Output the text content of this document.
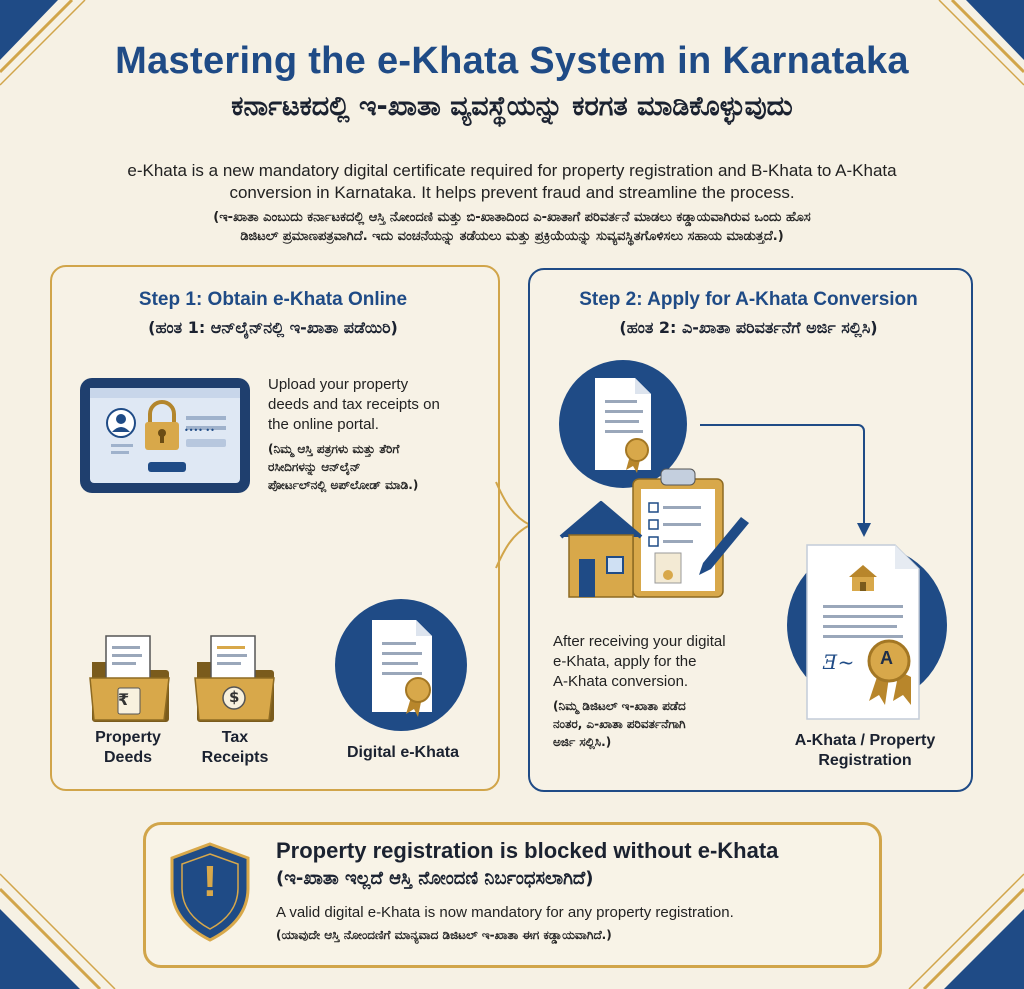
Mastering the e-Khata System in Karnataka
ಕರ್ನಾಟಕದಲ್ಲಿ ಇ-ಖಾತಾ ವ್ಯವಸ್ಥೆಯನ್ನು ಕರಗತ ಮಾಡಿಕೊಳ್ಳುವುದು
e-Khata is a new mandatory digital certificate required for property registration and B-Khata to A-Khata
conversion in Karnataka. It helps prevent fraud and streamline the process.
(ಇ-ಖಾತಾ ಎಂಬುದು ಕರ್ನಾಟಕದಲ್ಲಿ ಆಸ್ತಿ ನೋಂದಣಿ ಮತ್ತು ಬಿ-ಖಾತಾದಿಂದ ಎ-ಖಾತಾಗೆ ಪರಿವರ್ತನೆ ಮಾಡಲು ಕಡ್ಡಾಯವಾಗಿರುವ ಒಂದು ಹೊಸ
ಡಿಜಿಟಲ್ ಪ್ರಮಾಣಪತ್ರವಾಗಿದೆ. ಇದು ವಂಚನೆಯನ್ನು ತಡೆಯಲು ಮತ್ತು ಪ್ರಕ್ರಿಯೆಯನ್ನು ಸುವ್ಯವಸ್ಥಿತಗೊಳಿಸಲು ಸಹಾಯ ಮಾಡುತ್ತದೆ.)
Step 1: Obtain e-Khata Online
(ಹಂತ 1: ಆನ್‌ಲೈನ್‌ನಲ್ಲಿ ಇ-ಖಾತಾ ಪಡೆಯಿರಿ)
•••• ••
Upload your property
deeds and tax receipts on
the online portal.
(ನಿಮ್ಮ ಆಸ್ತಿ ಪತ್ರಗಳು ಮತ್ತು ತೆರಿಗೆ
ರಸೀದಿಗಳನ್ನು ಆನ್‌ಲೈನ್
ಪೋರ್ಟಲ್‌ನಲ್ಲಿ ಅಪ್‌ಲೋಡ್ ಮಾಡಿ.)
₹	$
Property
Deeds
Tax
Receipts	Digital e-Khata
Step 2: Apply for A-Khata Conversion
(ಹಂತ 2: ಎ-ಖಾತಾ ಪರಿವರ್ತನೆಗೆ ಅರ್ಜಿ ಸಲ್ಲಿಸಿ)
A
Ǝ~
After receiving your digital
e-Khata, apply for the
A-Khata conversion.
(ನಿಮ್ಮ ಡಿಜಿಟಲ್ ಇ-ಖಾತಾ ಪಡೆದ
ನಂತರ, ಎ-ಖಾತಾ ಪರಿವರ್ತನೆಗಾಗಿ
ಅರ್ಜಿ ಸಲ್ಲಿಸಿ.)	A-Khata / Property
Registration
!
Property registration is blocked without e-Khata
(ಇ-ಖಾತಾ ಇಲ್ಲದೆ ಆಸ್ತಿ ನೋಂದಣಿ ನಿರ್ಬಂಧಸಲಾಗಿದೆ)
A valid digital e-Khata is now mandatory for any property registration.
(ಯಾವುದೇ ಆಸ್ತಿ ನೋಂದಣಿಗೆ ಮಾನ್ಯವಾದ ಡಿಜಿಟಲ್ ಇ-ಖಾತಾ ಈಗ ಕಡ್ಡಾಯವಾಗಿದೆ.)
